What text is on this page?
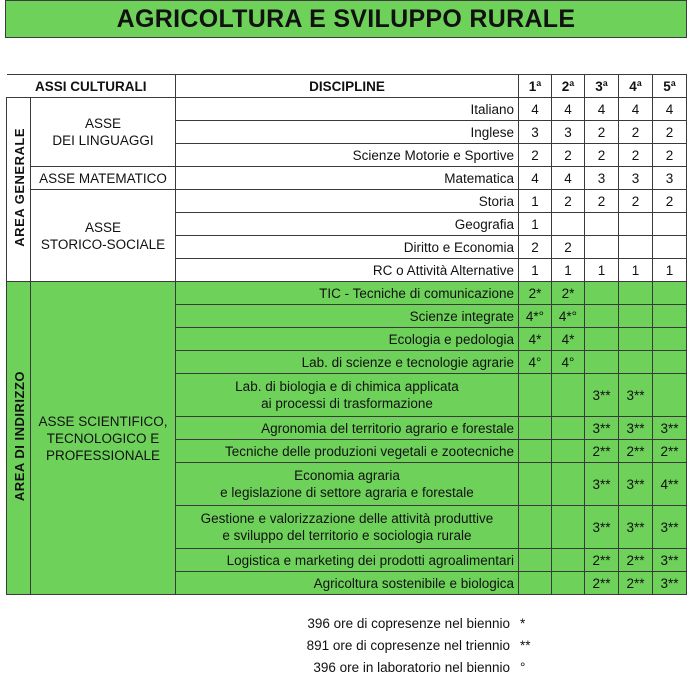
AGRICOLTURA E SVILUPPO RURALE
ASSI CULTURALI		DISCIPLINE	1ª	2ª	3ª	4ª	5ª
AREA GENERALE	ASSE
DEI LINGUAGGI	Italiano	4	4	4	4	4
		Inglese	3	3	2	2	2
		Scienze Motorie e Sportive	2	2	2	2	2
	ASSE MATEMATICO	Matematica	4	4	3	3	3

	ASSE
STORICO-SOCIALE	Storia	1	2	2	2	2
		Geografia	1				
		Diritto e Economia	2	2			
		RC o Attività Alternative	1	1	1	1	1
AREA DI INDIRIZZO	ASSE SCIENTIFICO,
TECNOLOGICO E
PROFESSIONALE	TIC - Tecniche di comunicazione	2*	2*			
		Scienze integrate	4*°	4*°			
		Ecologia e pedologia	4*	4*			
		Lab. di scienze e tecnologie agrarie	4°	4°			

		Lab. di biologia e di chimica applicata
ai processi di trasformazione			3**	3**	
		Agronomia del territorio agrario e forestale			3**	3**	3**
		Tecniche delle produzioni vegetali e zootecniche			2**	2**	2**

		Economia agraria
e legislazione di settore agraria e forestale			3**	3**	4**

		Gestione e valorizzazione delle attività produttive
e sviluppo del territorio e sociologia rurale			3**	3**	3**
		Logistica e marketing dei prodotti agroalimentari			2**	2**	3**
		Agricoltura sostenibile e biologica			2**	2**	3**
396 ore di copresenze nel biennio *
891 ore di copresenze nel triennio **
396 ore in laboratorio nel biennio °
